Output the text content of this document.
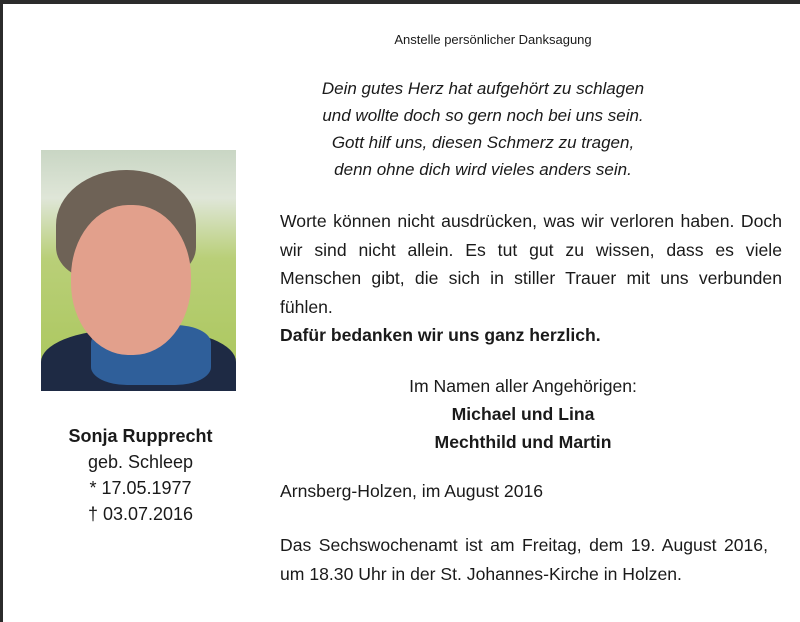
Anstelle persönlicher Danksagung
Dein gutes Herz hat aufgehört zu schlagen
und wollte doch so gern noch bei uns sein.
Gott hilf uns, diesen Schmerz zu tragen,
denn ohne dich wird vieles anders sein.
Sonja Rupprecht
geb. Schleep
* 17.05.1977
† 03.07.2016
Worte können nicht ausdrücken, was wir verloren haben. Doch wir sind nicht allein. Es tut gut zu wissen, dass es viele Menschen gibt, die sich in stiller Trauer mit uns verbunden fühlen.
Dafür bedanken wir uns ganz herzlich.
Im Namen aller Angehörigen:
Michael und Lina
Mechthild und Martin
Arnsberg-Holzen, im August 2016
Das Sechswochenamt ist am Freitag, dem 19. August 2016, um 18.30 Uhr in der St. Johannes-Kirche in Holzen.
